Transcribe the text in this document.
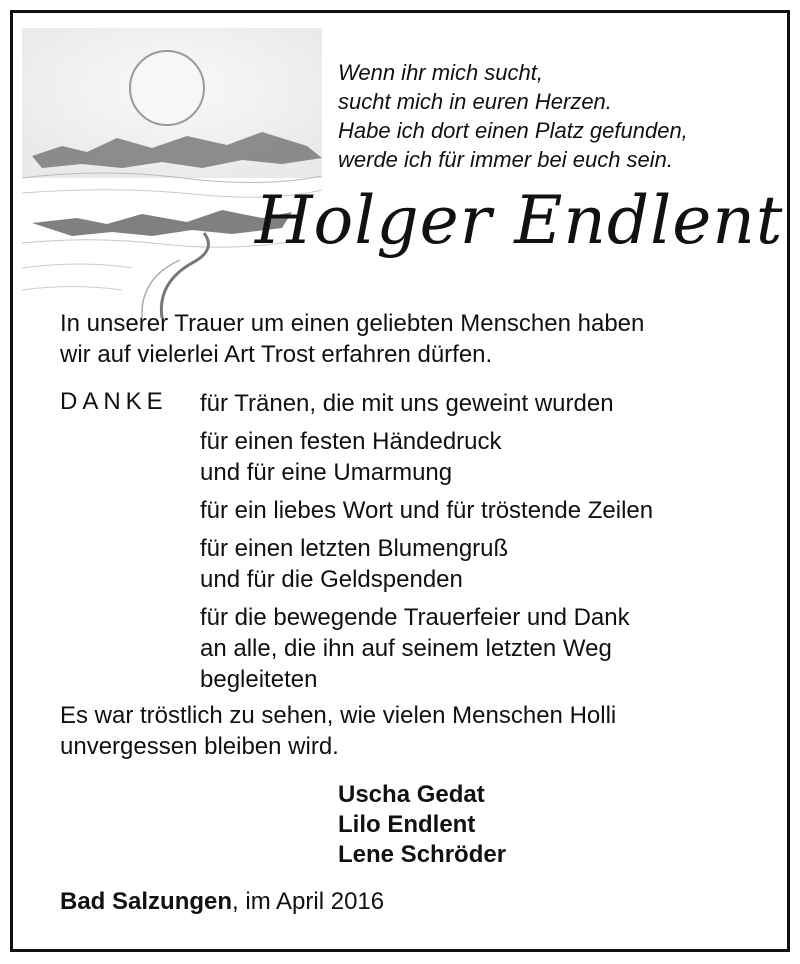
Wenn ihr mich sucht,
sucht mich in euren Herzen.
Habe ich dort einen Platz gefunden,
werde ich für immer bei euch sein.
Holger Endlent
In unserer Trauer um einen geliebten Menschen haben
wir auf vielerlei Art Trost erfahren dürfen.
DANKE für Tränen, die mit uns geweint wurden
für einen festen Händedruck
und für eine Umarmung
für ein liebes Wort und für tröstende Zeilen
für einen letzten Blumengruß
und für die Geldspenden
für die bewegende Trauerfeier und Dank
an alle, die ihn auf seinem letzten Weg
begleiteten
Es war tröstlich zu sehen, wie vielen Menschen Holli
unvergessen bleiben wird.
Uscha Gedat
Lilo Endlent
Lene Schröder
Bad Salzungen, im April 2016
